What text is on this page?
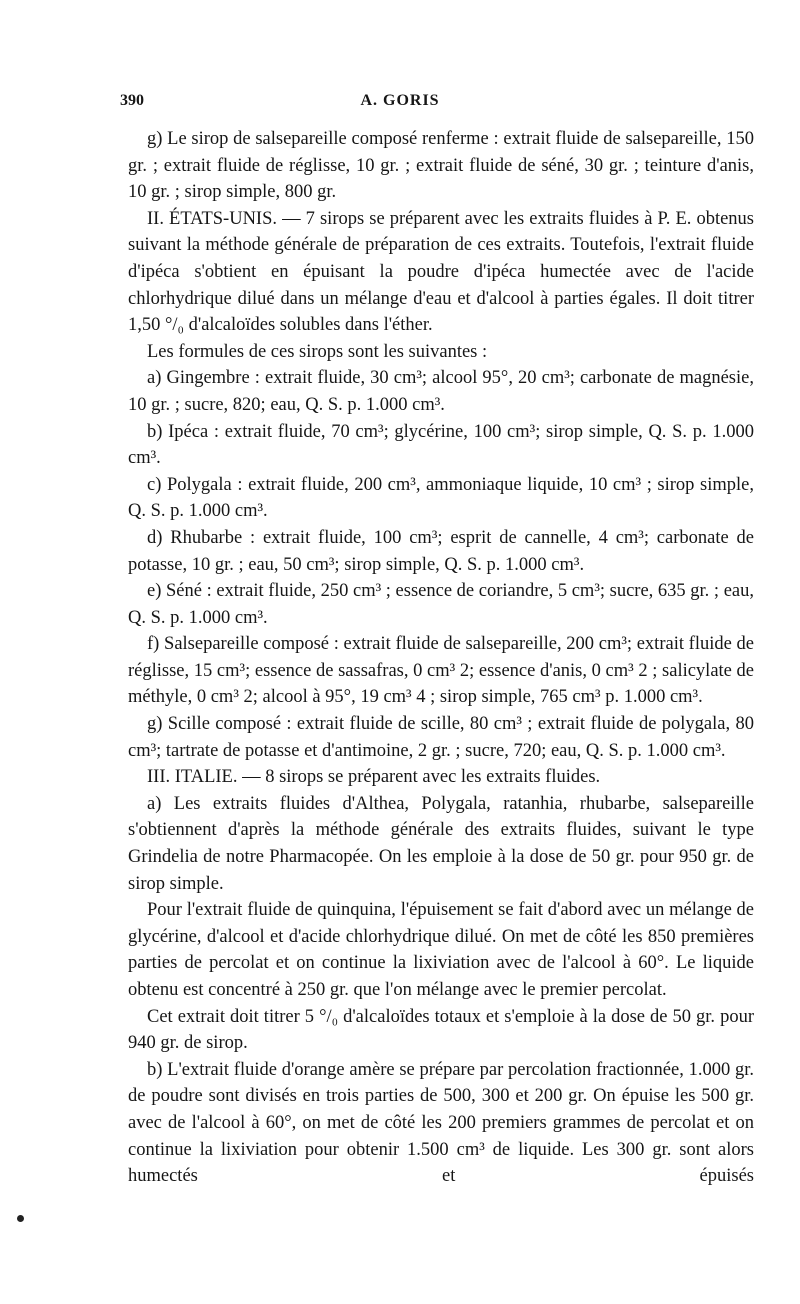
390	A. GORIS

g) Le sirop de salsepareille composé renferme : extrait fluide de salsepareille, 150 gr. ; extrait fluide de réglisse, 10 gr. ; extrait fluide de séné, 30 gr. ; teinture d'anis, 10 gr. ; sirop simple, 800 gr.

II. ÉTATS-UNIS. — 7 sirops se préparent avec les extraits fluides à P. E. obtenus suivant la méthode générale de préparation de ces extraits. Toutefois, l'extrait fluide d'ipéca s'obtient en épuisant la poudre d'ipéca humectée avec de l'acide chlorhydrique dilué dans un mélange d'eau et d'alcool à parties égales. Il doit titrer 1,50 °/₀ d'alcaloïdes solubles dans l'éther.

Les formules de ces sirops sont les suivantes :

a) Gingembre : extrait fluide, 30 cm³; alcool 95°, 20 cm³; carbonate de magnésie, 10 gr. ; sucre, 820; eau, Q. S. p. 1.000 cm³.

b) Ipéca : extrait fluide, 70 cm³; glycérine, 100 cm³; sirop simple, Q. S. p. 1.000 cm³.

c) Polygala : extrait fluide, 200 cm³, ammoniaque liquide, 10 cm³ ; sirop simple, Q. S. p. 1.000 cm³.

d) Rhubarbe : extrait fluide, 100 cm³; esprit de cannelle, 4 cm³; carbonate de potasse, 10 gr. ; eau, 50 cm³; sirop simple, Q. S. p. 1.000 cm³.

e) Séné : extrait fluide, 250 cm³ ; essence de coriandre, 5 cm³; sucre, 635 gr. ; eau, Q. S. p. 1.000 cm³.

f) Salsepareille composé : extrait fluide de salsepareille, 200 cm³; extrait fluide de réglisse, 15 cm³; essence de sassafras, 0 cm³ 2; essence d'anis, 0 cm³ 2 ; salicylate de méthyle, 0 cm³ 2; alcool à 95°, 19 cm³ 4 ; sirop simple, 765 cm³ p. 1.000 cm³.

g) Scille composé : extrait fluide de scille, 80 cm³ ; extrait fluide de polygala, 80 cm³; tartrate de potasse et d'antimoine, 2 gr. ; sucre, 720; eau, Q. S. p. 1.000 cm³.

III. ITALIE. — 8 sirops se préparent avec les extraits fluides.

a) Les extraits fluides d'Althea, Polygala, ratanhia, rhubarbe, salsepareille s'obtiennent d'après la méthode générale des extraits fluides, suivant le type Grindelia de notre Pharmacopée. On les emploie à la dose de 50 gr. pour 950 gr. de sirop simple.

Pour l'extrait fluide de quinquina, l'épuisement se fait d'abord avec un mélange de glycérine, d'alcool et d'acide chlorhydrique dilué. On met de côté les 850 premières parties de percolat et on continue la lixiviation avec de l'alcool à 60°. Le liquide obtenu est concentré à 250 gr. que l'on mélange avec le premier percolat.

Cet extrait doit titrer 5 °/₀ d'alcaloïdes totaux et s'emploie à la dose de 50 gr. pour 940 gr. de sirop.

b) L'extrait fluide d'orange amère se prépare par percolation fractionnée, 1.000 gr. de poudre sont divisés en trois parties de 500, 300 et 200 gr. On épuise les 500 gr. avec de l'alcool à 60°, on met de côté les 200 premiers grammes de percolat et on continue la lixiviation pour obtenir 1.500 cm³ de liquide. Les 300 gr. sont alors humectés et épuisés
